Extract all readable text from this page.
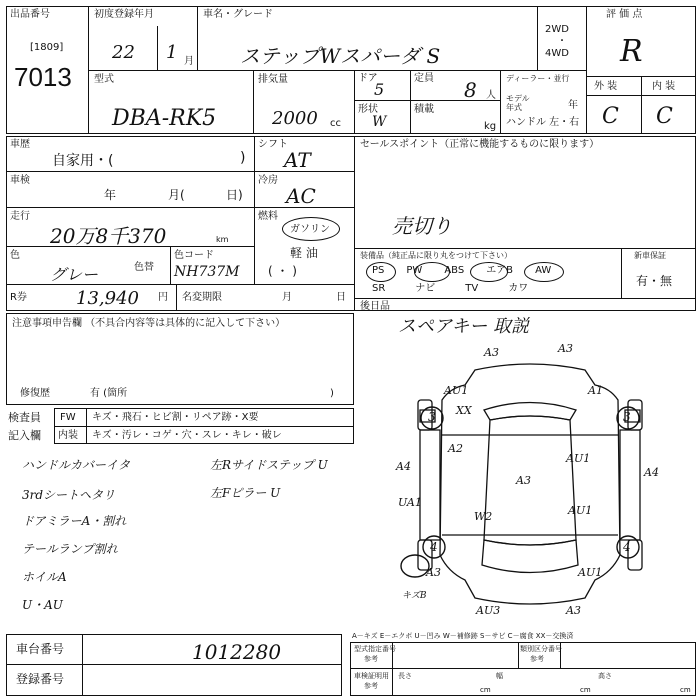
出品番号
[1809]
7013
初度登録年月
22 1 月
車名・グレード
ステップWスパーダ S
2WD
・
4WD
評 価 点
R
型式
DBA-RK5
排気量
2000 cc
ドア
5
定員 8 人
形状
W
積載
kg
ディーラー・並行
モデル年式	年
ハンドル 左・右
外 装	内 装
C C
車歴
自家用・(	)
シフト
AT
セールスポイント（正常に機能するものに限ります）
売切り
車検
年	月(	日)
冷房
AC
走行
20万8千370	km
燃料
ガソリン
軽 油
( ・ )
色
グレー	色替
色コード
NH737M
装備品（純正品に限り丸をつけて下さい）	新車保証
有・無
PS PW ABS エアB AW
SR	ナビ	TV	カワ
R券	13,940 円 名変期限	月	日
後日品
注意事項申告欄 （不具合内容等は具体的に記入して下さい）
修復歴	有 (箇所	)
スペアキー 取説
検査員
記入欄
FW キズ・飛石・ヒビ割・リペア跡・X要
内装 キズ・汚レ・コゲ・穴・スレ・キレ・破レ
ハンドルカバーイタ
3rdシートヘタリ
ドアミラーA・割れ
テールランプ割れ
ホイルA
U・AU
左Rサイドステップ U
左Fピラー U
A3	A3
AU1
XX
A1
3	3
A2
AU1
A4	A4
A3
UA1
W2	AU1
4	4
A3	AU1
キズB
AU3	A3
車台番号	1012280
登録番号
A－キズ E－エクボ U－凹み W－補修跡 S－サビ C－腐食 XX－交換済
型式指定番号
参考
類別区分番号
参考
車検証明用
参考
長さ
cm
幅
cm
高さ
cm
